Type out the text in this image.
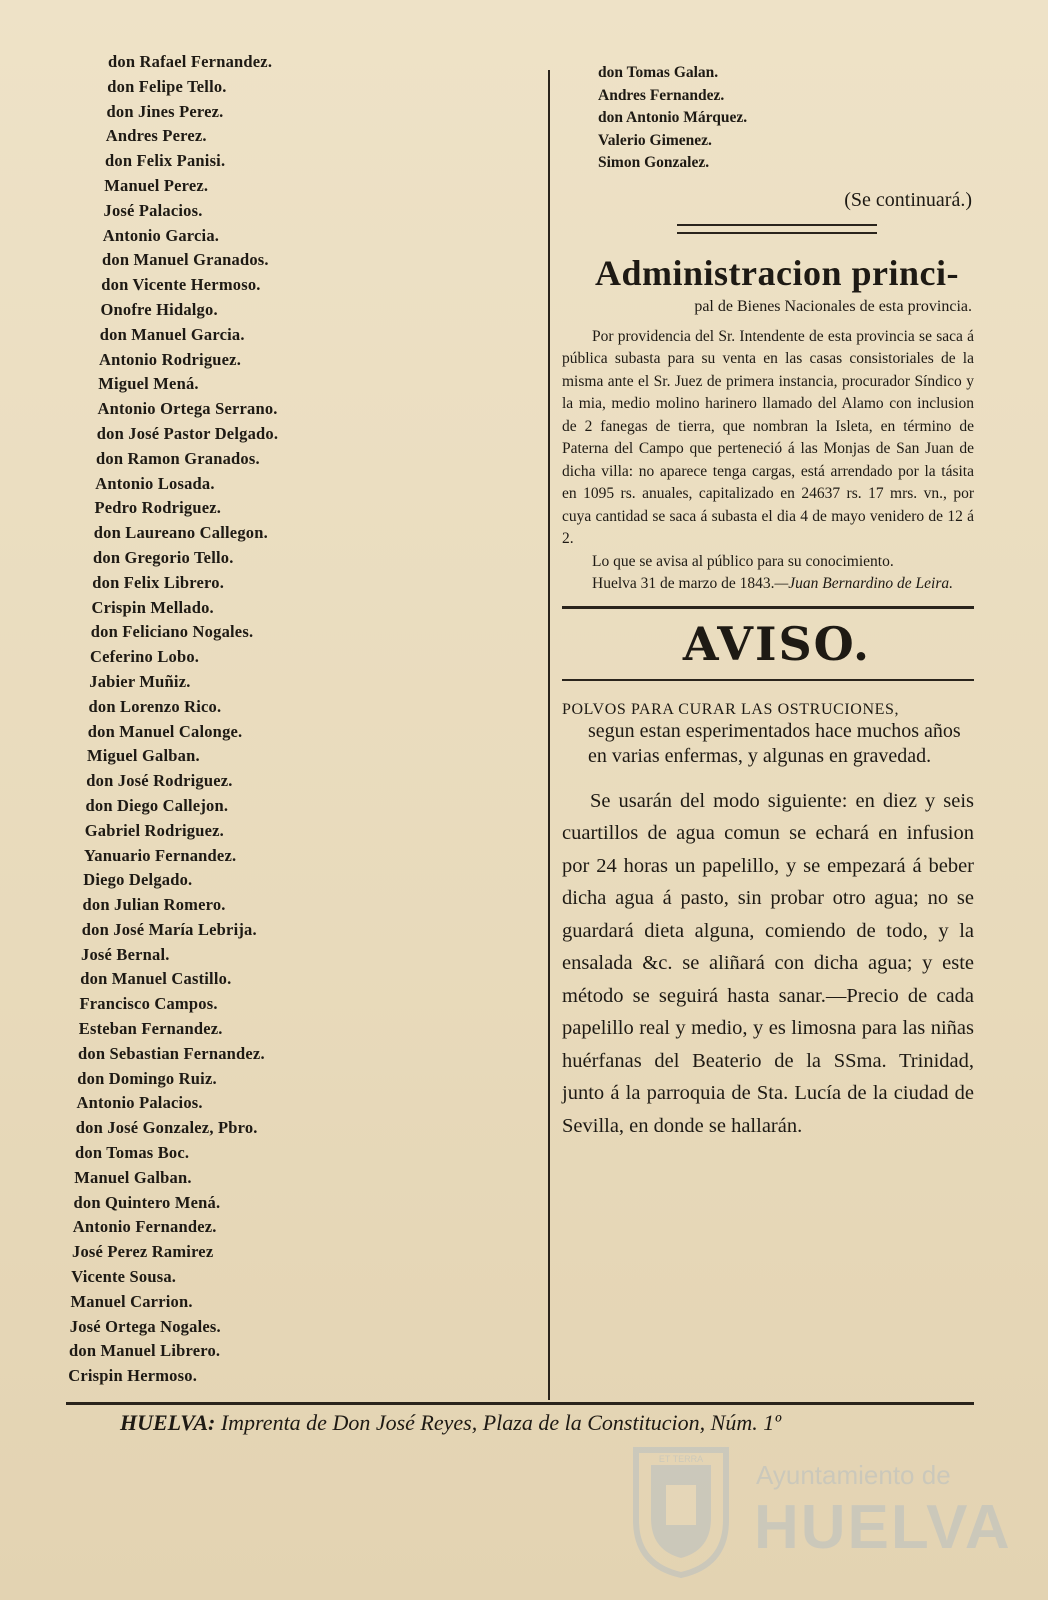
don Rafael Fernandez.
don Felipe Tello.
don Jines Perez.
Andres Perez.
don Felix Panisi.
Manuel Perez.
José Palacios.
Antonio Garcia.
don Manuel Granados.
don Vicente Hermoso.
Onofre Hidalgo.
don Manuel Garcia.
Antonio Rodriguez.
Miguel Mená.
Antonio Ortega Serrano.
don José Pastor Delgado.
don Ramon Granados.
Antonio Losada.
Pedro Rodriguez.
don Laureano Callegon.
don Gregorio Tello.
don Felix Librero.
Crispin Mellado.
don Feliciano Nogales.
Ceferino Lobo.
Jabier Muñiz.
don Lorenzo Rico.
don Manuel Calonge.
Miguel Galban.
don José Rodriguez.
don Diego Callejon.
Gabriel Rodriguez.
Yanuario Fernandez.
Diego Delgado.
don Julian Romero.
don José María Lebrija.
José Bernal.
don Manuel Castillo.
Francisco Campos.
Esteban Fernandez.
don Sebastian Fernandez.
don Domingo Ruiz.
Antonio Palacios.
don José Gonzalez, Pbro.
don Tomas Boc.
Manuel Galban.
don Quintero Mená.
Antonio Fernandez.
José Perez Ramirez
Vicente Sousa.
Manuel Carrion.
José Ortega Nogales.
don Manuel Librero.
Crispin Hermoso.
don Tomas Galan.
Andres Fernandez.
don Antonio Márquez.
Valerio Gimenez.
Simon Gonzalez.
(Se continuará.)
Administracion princi-
pal de Bienes Nacionales de esta provincia.

Por providencia del Sr. Intendente de esta provincia se saca á pública subasta para su venta en las casas consistoriales de la misma ante el Sr. Juez de primera instancia, procurador Síndico y la mia, medio molino harinero llamado del Alamo con inclusion de 2 fanegas de tierra, que nombran la Isleta, en término de Paterna del Campo que perteneció á las Monjas de San Juan de dicha villa: no aparece tenga cargas, está arrendado por la tásita en 1095 rs. anuales, capitalizado en 24637 rs. 17 mrs. vn., por cuya cantidad se saca á subasta el dia 4 de mayo venidero de 12 á 2.

Lo que se avisa al público para su conocimiento.

Huelva 31 de marzo de 1843.—Juan Bernardino de Leira.

AVISO.
POLVOS PARA CURAR LAS OSTRUCIONES,
segun estan esperimentados hace muchos años en varias enfermas, y algunas en gravedad.

Se usarán del modo siguiente: en diez y seis cuartillos de agua comun se echará en infusion por 24 horas un papelillo, y se empezará á beber dicha agua á pasto, sin probar otro agua; no se guardará dieta alguna, comiendo de todo, y la ensalada &c. se aliñará con dicha agua; y este método se seguirá hasta sanar.—Precio de cada papelillo real y medio, y es limosna para las niñas huérfanas del Beaterio de la SSma. Trinidad, junto á la parroquia de Sta. Lucía de la ciudad de Sevilla, en donde se hallarán.

HUELVA: Imprenta de Don José Reyes, Plaza de la Constitucion, Núm. 1º
ET TERRA
Ayuntamiento de
HUELVA
